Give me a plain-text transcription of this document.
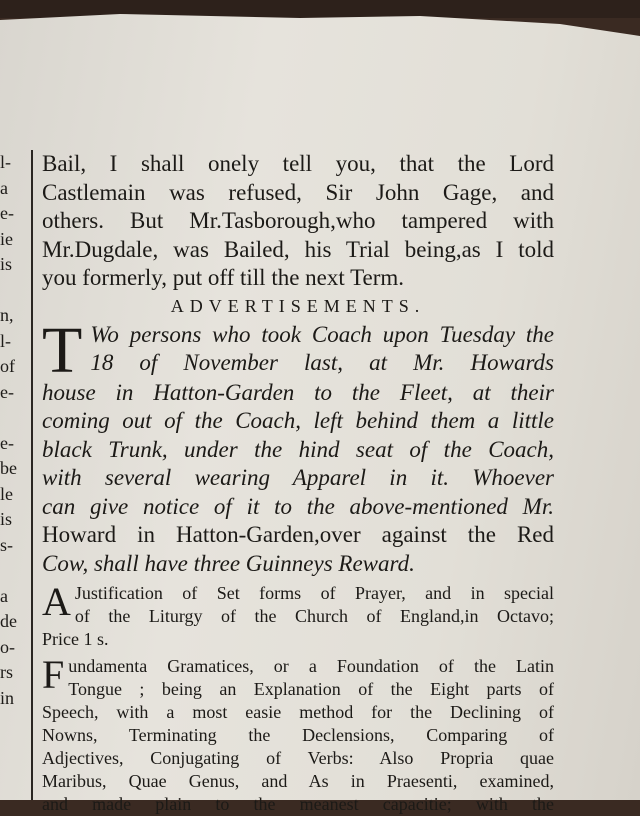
l-
a
e-
ie
is
n,
l-
of
e-
e-
be
le
is
s-
a
de
o-
rs
in
Bail, I shall onely tell you, that the Lord
Castlemain was refused, Sir John Gage, and
others. But Mr.Tasborough,who tampered with
Mr.Dugdale, was Bailed, his Trial being,as I told
you formerly, put off till the next Term.
ADVERTISEMENTS.
T Wo persons who took Coach upon Tuesday the
18 of November last, at Mr. Howards
house in Hatton-Garden to the Fleet, at their
coming out of the Coach, left behind them a little
black Trunk, under the hind seat of the Coach,
with several wearing Apparel in it. Whoever
can give notice of it to the above-mentioned Mr.
Howard in Hatton-Garden,over against the Red
Cow, shall have three Guinneys Reward.
A Justification of Set forms of Prayer, and in special
of the Liturgy of the Church of England,in Octavo;
Price 1 s.
F undamenta Gramatices, or a Foundation of the Latin
Tongue ; being an Explanation of the Eight parts of
Speech, with a most easie method for the Declining of
Nowns, Terminating the Declensions, Comparing of
Adjectives, Conjugating of Verbs: Also Propria quae
Maribus, Quae Genus, and As in Praesenti, examined,
and made plain to the meanest capacitie; with the
